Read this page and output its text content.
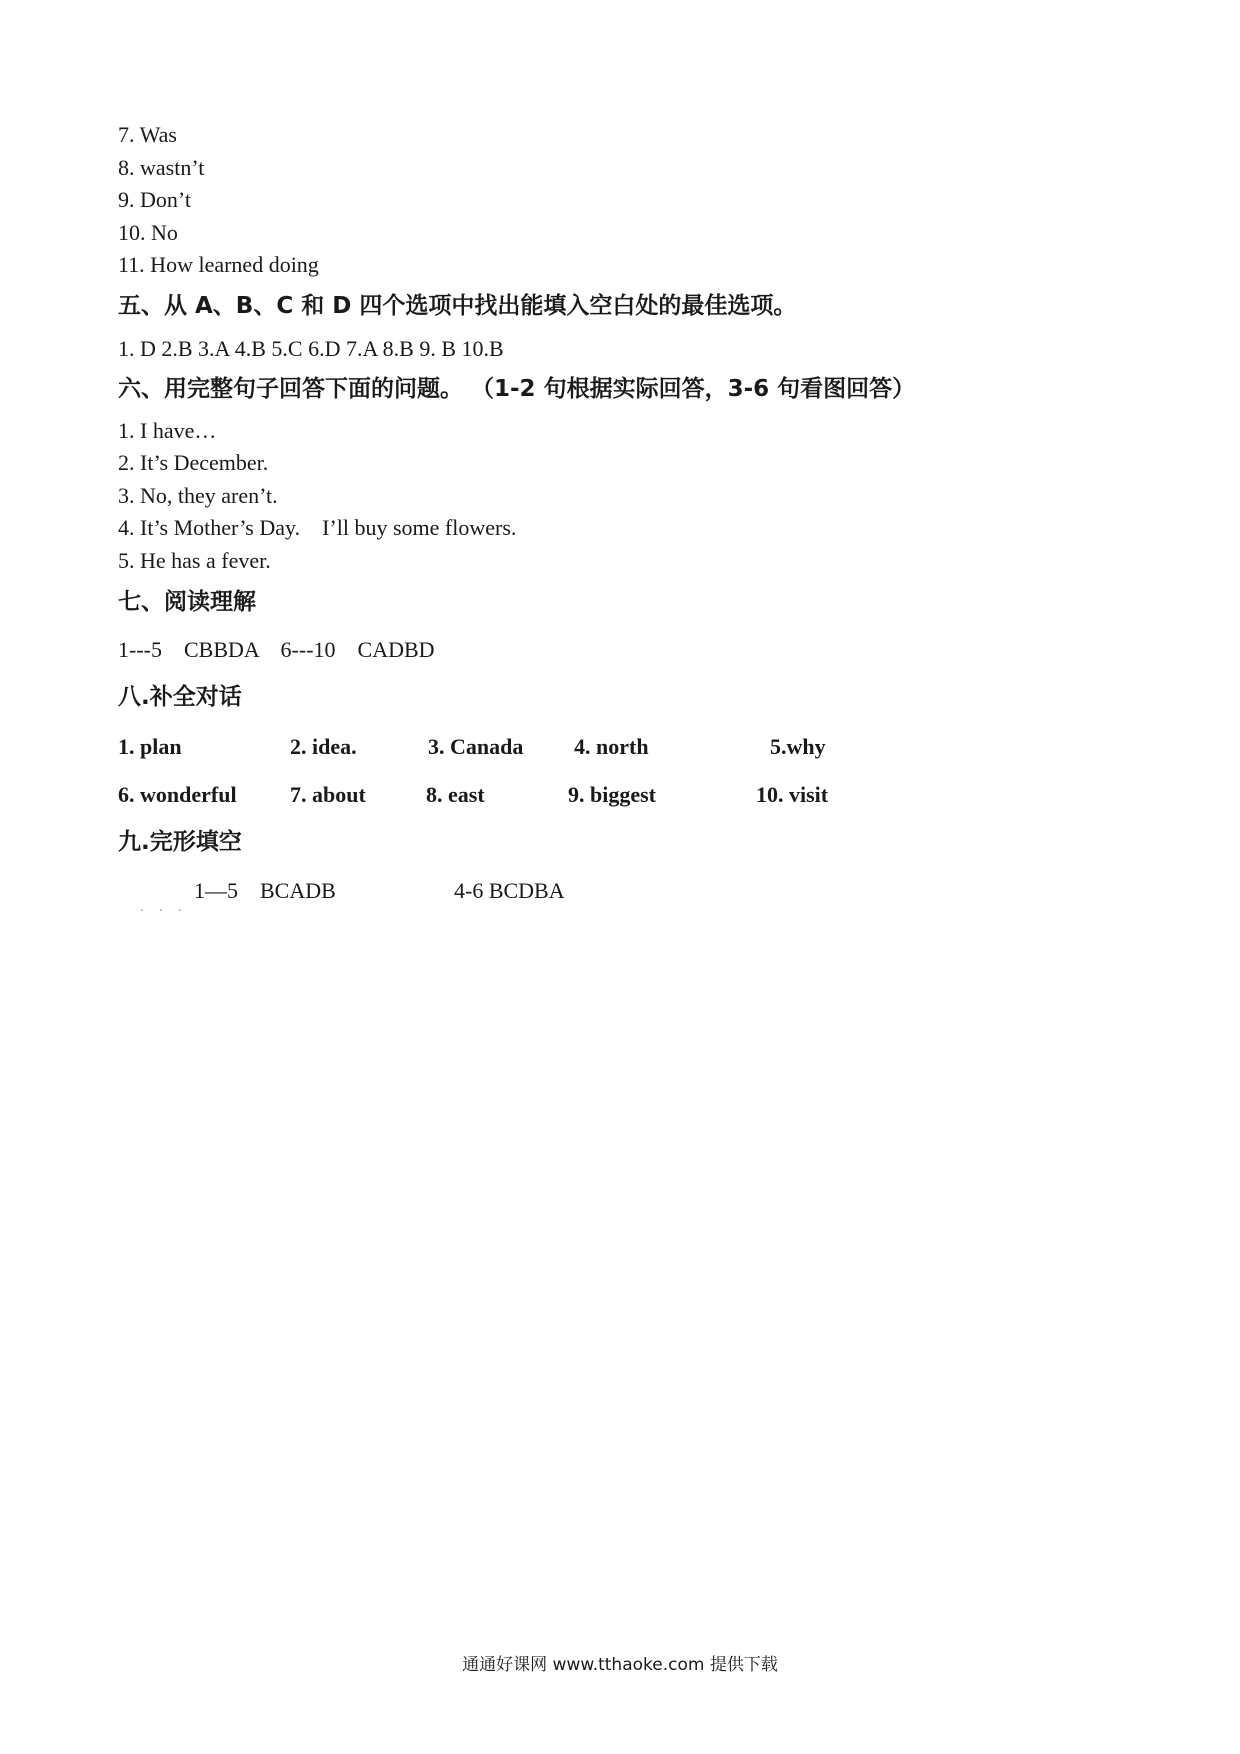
7. Was
8. wastn’t
9. Don’t
10. No
11. How learned doing
五、从 A、B、C 和 D 四个选项中找出能填入空白处的最佳选项。
1. D 2.B 3.A 4.B 5.C 6.D 7.A 8.B 9. B 10.B
六、用完整句子回答下面的问题。 （1-2 句根据实际回答，3-6 句看图回答）
1. I have…
2. It’s December.
3. No, they aren’t.
4. It’s Mother’s Day.    I’ll buy some flowers.
5. He has a fever.
七、阅读理解
1---5    CBBDA    6---10    CADBD
八.补全对话
1. plan	2. idea.	3. Canada 4. north	5.why
6. wonderful 7. about	8. east	9. biggest	10. visit
九.完形填空
. . .
1—5    BCADB	4-6 BCDBA
通通好课网 www.tthaoke.com 提供下载
